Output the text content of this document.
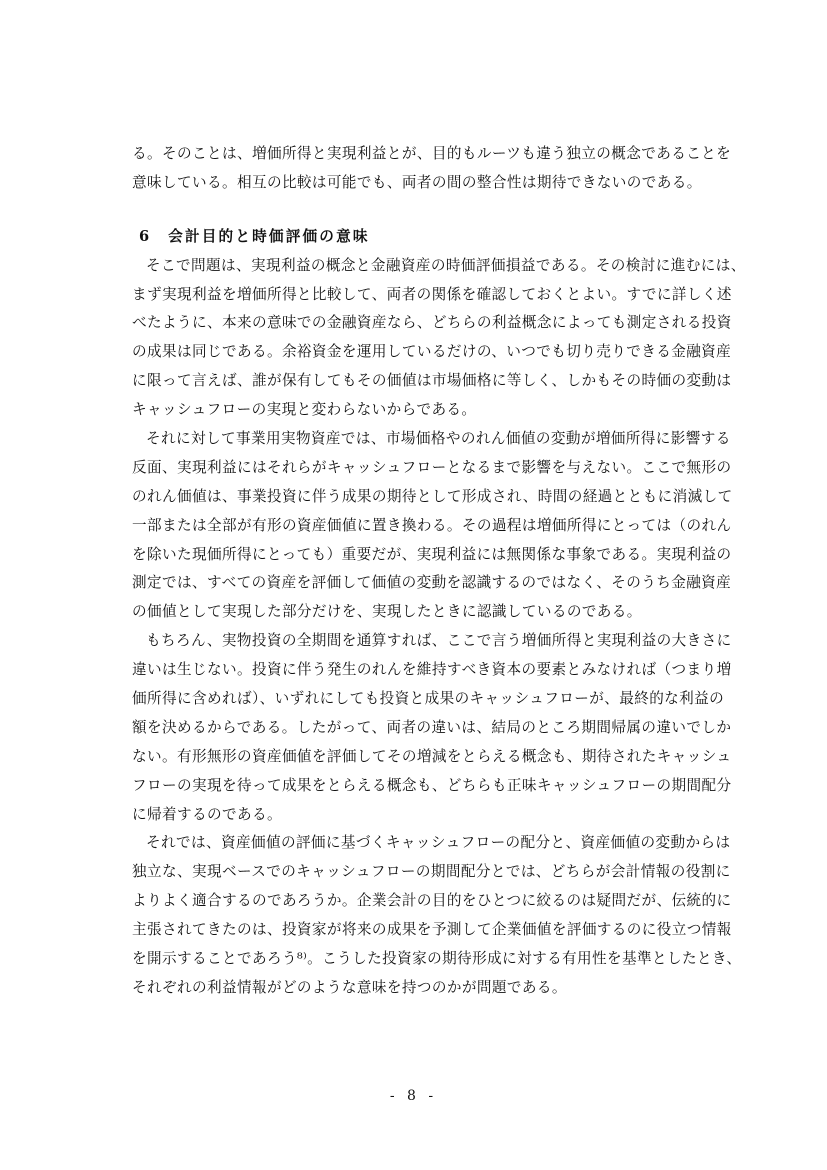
る。そのことは、増価所得と実現利益とが、目的もルーツも違う独立の概念であることを
意味している。相互の比較は可能でも、両者の間の整合性は期待できないのである。
6　会計目的と時価評価の意味
そこで問題は、実現利益の概念と金融資産の時価評価損益である。その検討に進むには、
まず実現利益を増価所得と比較して、両者の関係を確認しておくとよい。すでに詳しく述
べたように、本来の意味での金融資産なら、どちらの利益概念によっても測定される投資
の成果は同じである。余裕資金を運用しているだけの、いつでも切り売りできる金融資産
に限って言えば、誰が保有してもその価値は市場価格に等しく、しかもその時価の変動は
キャッシュフローの実現と変わらないからである。
それに対して事業用実物資産では、市場価格やのれん価値の変動が増価所得に影響する
反面、実現利益にはそれらがキャッシュフローとなるまで影響を与えない。ここで無形の
のれん価値は、事業投資に伴う成果の期待として形成され、時間の経過とともに消滅して
一部または全部が有形の資産価値に置き換わる。その過程は増価所得にとっては（のれん
を除いた現価所得にとっても）重要だが、実現利益には無関係な事象である。実現利益の
測定では、すべての資産を評価して価値の変動を認識するのではなく、そのうち金融資産
の価値として実現した部分だけを、実現したときに認識しているのである。
もちろん、実物投資の全期間を通算すれば、ここで言う増価所得と実現利益の大きさに
違いは生じない。投資に伴う発生のれんを維持すべき資本の要素とみなければ（つまり増
価所得に含めれば）、いずれにしても投資と成果のキャッシュフローが、最終的な利益の
額を決めるからである。したがって、両者の違いは、結局のところ期間帰属の違いでしか
ない。有形無形の資産価値を評価してその増減をとらえる概念も、期待されたキャッシュ
フローの実現を待って成果をとらえる概念も、どちらも正味キャッシュフローの期間配分
に帰着するのである。
それでは、資産価値の評価に基づくキャッシュフローの配分と、資産価値の変動からは
独立な、実現ベースでのキャッシュフローの期間配分とでは、どちらが会計情報の役割に
よりよく適合するのであろうか。企業会計の目的をひとつに絞るのは疑問だが、伝統的に
主張されてきたのは、投資家が将来の成果を予測して企業価値を評価するのに役立つ情報
を開示することであろう⁸⁾。こうした投資家の期待形成に対する有用性を基準としたとき、
それぞれの利益情報がどのような意味を持つのかが問題である。
- 8 -
